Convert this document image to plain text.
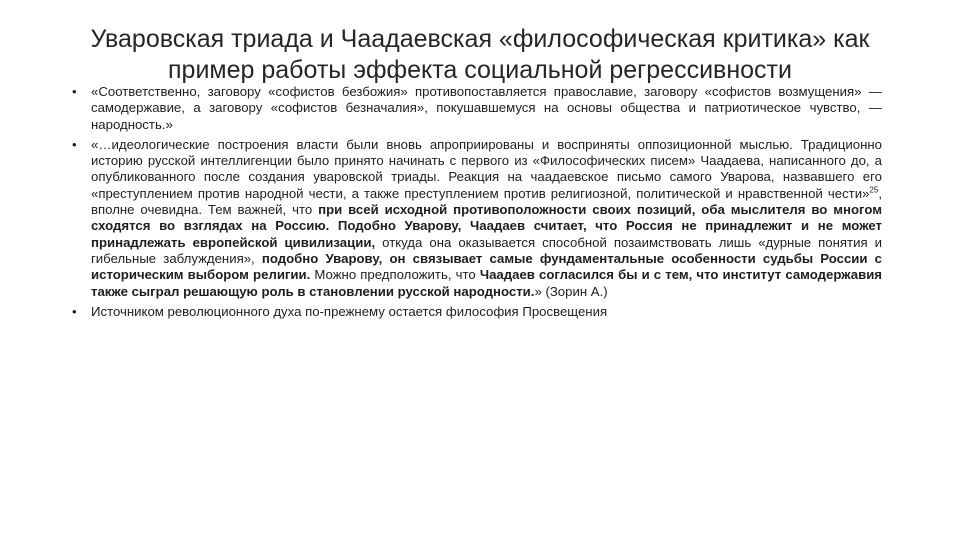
Уваровская триада и Чаадаевская «философическая критика» как
пример работы эффекта социальной регрессивности
•	«Соответственно, заговору «софистов безбожия» противопоставляется православие, заговору «софистов возмущения» — самодержавие, а заговору «софистов безначалия», покушавшемуся на основы общества и патриотическое чувство, — народность.»
•	«…идеологические построения власти были вновь апроприированы и восприняты оппозиционной мыслью. Традиционно историю русской интеллигенции было принято начинать с первого из «Философических писем» Чаадаева, написанного до, а опубликованного после создания уваровской триады. Реакция на чаадаевское письмо самого Уварова, назвавшего его «преступлением против народной чести, а также преступлением против религиозной, политической и нравственной чести»$^{25}$, вполне очевидна. Тем важней, что при всей исходной противоположности своих позиций, оба мыслителя во многом сходятся во взглядах на Россию. Подобно Уварову, Чаадаев считает, что Россия не принадлежит и не может принадлежать европейской цивилизации, откуда она оказывается способной позаимствовать лишь «дурные понятия и гибельные заблуждения», подобно Уварову, он связывает самые фундаментальные особенности судьбы России с историческим выбором религии. Можно предположить, что Чаадаев согласился бы и с тем, что институт самодержавия также сыграл решающую роль в становлении русской народности.» (Зорин А.)
•	Источником революционного духа по-прежнему остается философия Просвещения
